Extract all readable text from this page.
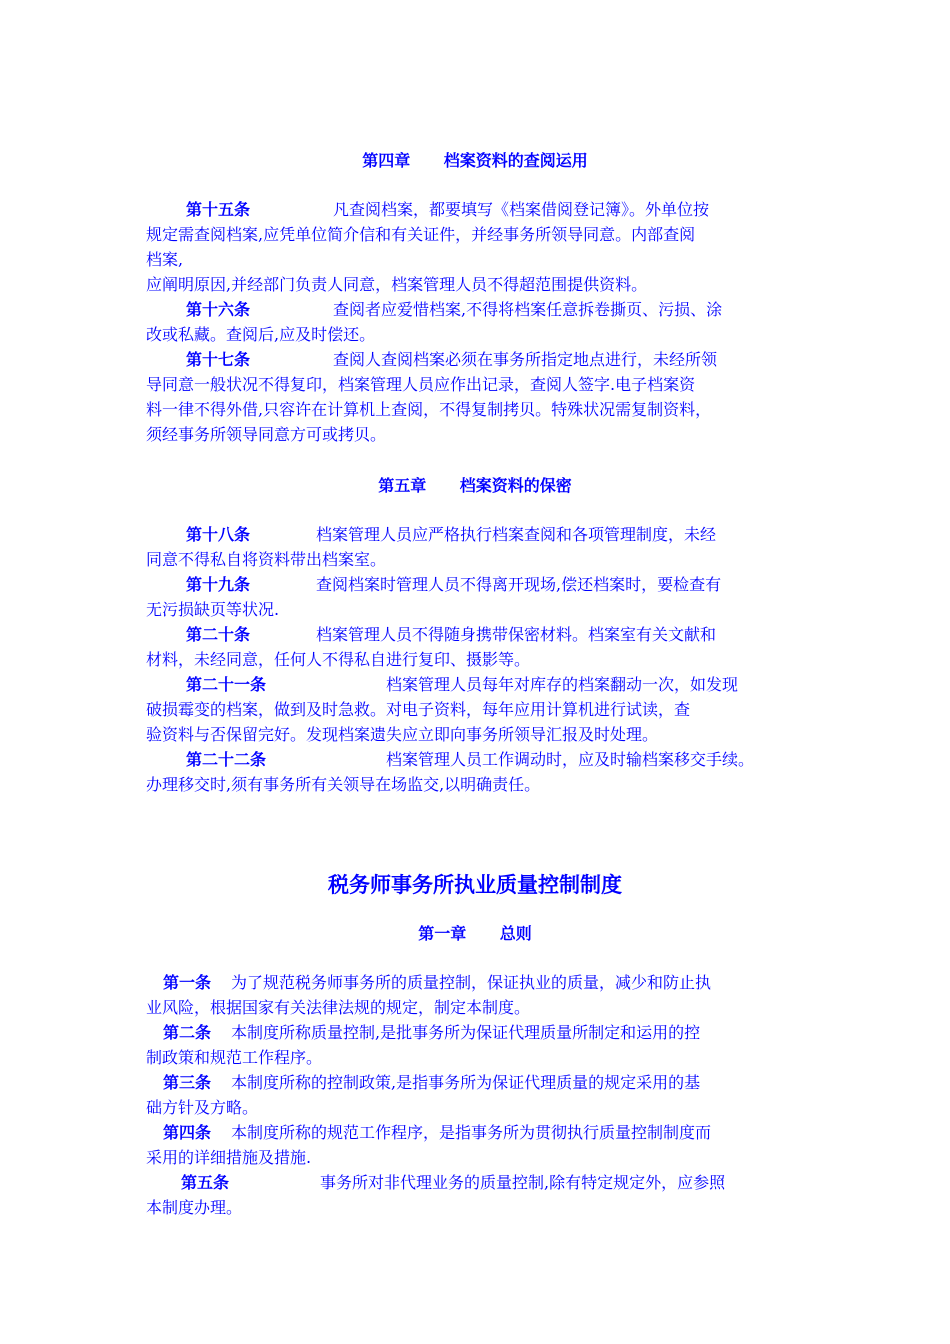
第四章      档案资料的查阅运用
第十五条	凡查阅档案，都要填写《档案借阅登记簿》。外单位按
规定需查阅档案,应凭单位简介信和有关证件，并经事务所领导同意。内部查阅
档案,
应阐明原因,并经部门负责人同意，档案管理人员不得超范围提供资料。
第十六条	查阅者应爱惜档案,不得将档案任意拆卷撕页、污损、涂
改或私藏。查阅后,应及时偿还。
第十七条	查阅人查阅档案必须在事务所指定地点进行，未经所领
导同意一般状况不得复印，档案管理人员应作出记录，查阅人签字.电子档案资
料一律不得外借,只容许在计算机上查阅，不得复制拷贝。特殊状况需复制资料，
须经事务所领导同意方可或拷贝。
第五章      档案资料的保密
第十八条	档案管理人员应严格执行档案查阅和各项管理制度，未经
同意不得私自将资料带出档案室。
第十九条	查阅档案时管理人员不得离开现场,偿还档案时，要检查有
无污损缺页等状况.
第二十条	档案管理人员不得随身携带保密材料。档案室有关文献和
材料，未经同意，任何人不得私自进行复印、摄影等。
第二十一条	档案管理人员每年对库存的档案翻动一次，如发现
破损霉变的档案，做到及时急救。对电子资料，每年应用计算机进行试读，查
验资料与否保留完好。发现档案遗失应立即向事务所领导汇报及时处理。
第二十二条	档案管理人员工作调动时，应及时输档案移交手续。
办理移交时,须有事务所有关领导在场监交,以明确责任。
税务师事务所执业质量控制制度
第一章      总则
第一条 为了规范税务师事务所的质量控制，保证执业的质量，减少和防止执
业风险，根据国家有关法律法规的规定，制定本制度。
第二条 本制度所称质量控制,是批事务所为保证代理质量所制定和运用的控
制政策和规范工作程序。
第三条 本制度所称的控制政策,是指事务所为保证代理质量的规定采用的基
础方针及方略。
第四条 本制度所称的规范工作程序，是指事务所为贯彻执行质量控制制度而
采用的详细措施及措施.
第五条	事务所对非代理业务的质量控制,除有特定规定外，应参照
本制度办理。
